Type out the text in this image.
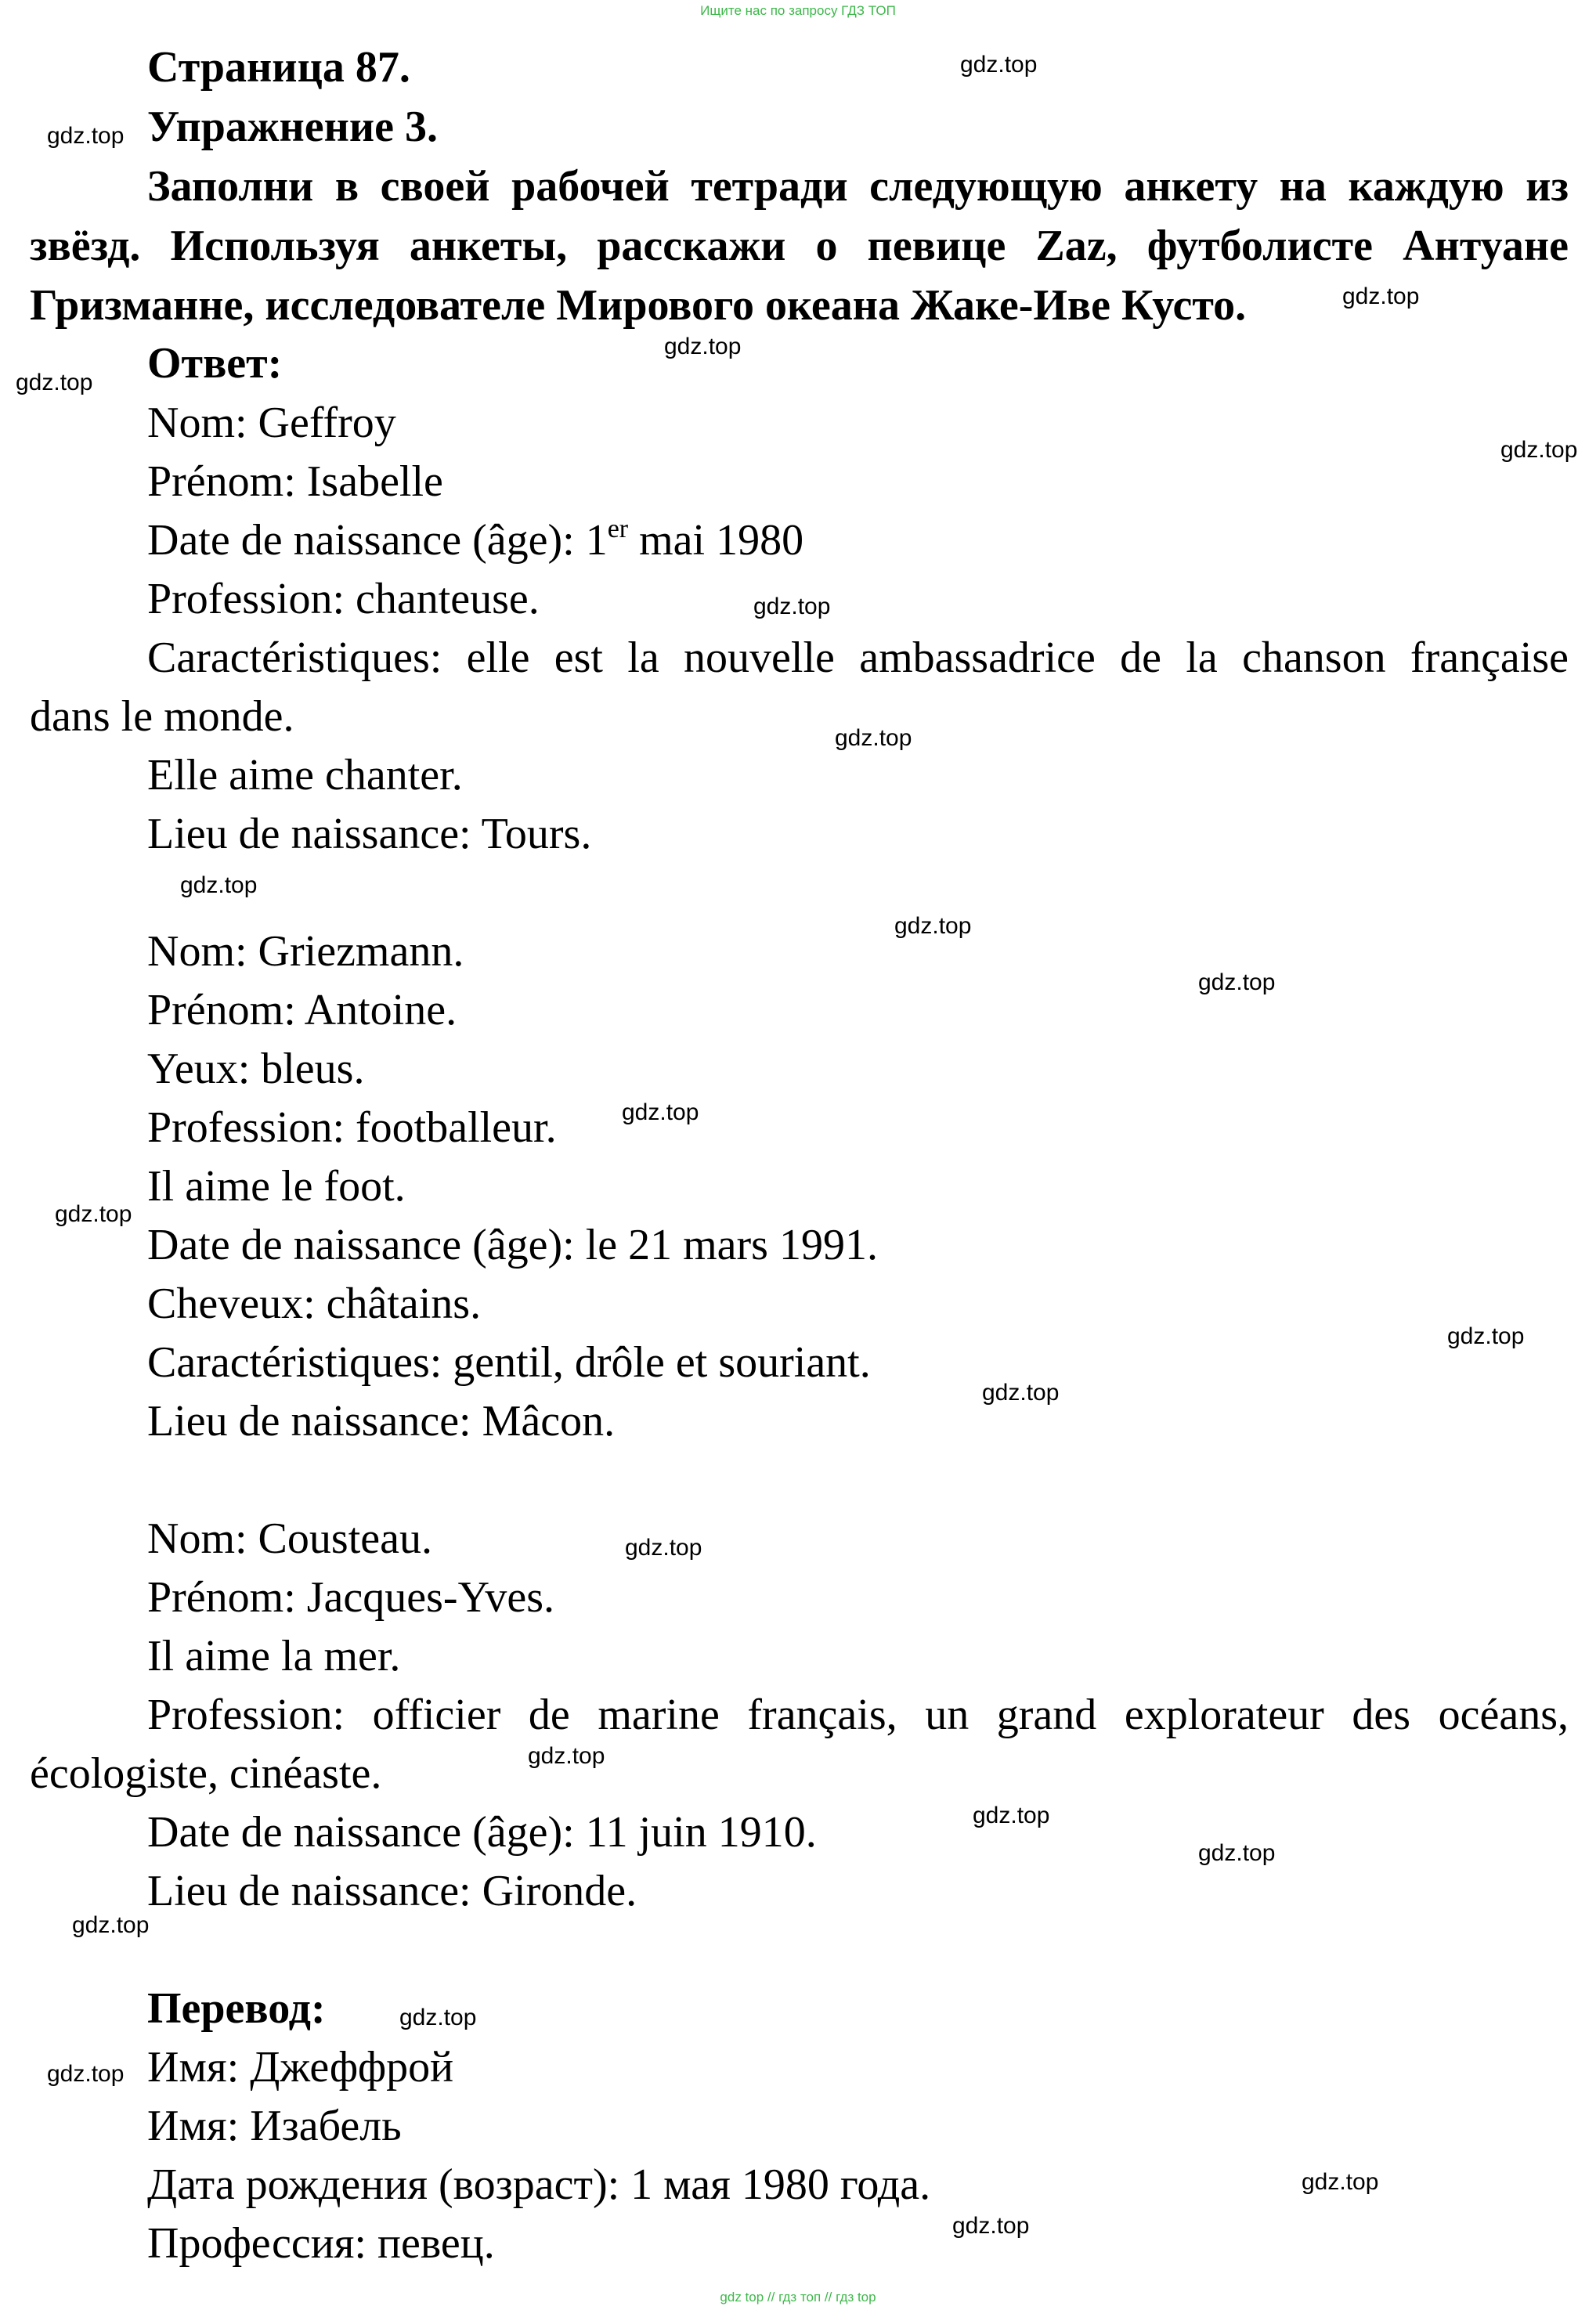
Ищите нас по запросу ГДЗ ТОП
Страница 87.
Упражнение 3.
Заполни в своей рабочей тетради следующую анкету на каждую из
звёзд. Используя анкеты, расскажи о певице Zaz, футболисте Антуане
Гризманне, исследователе Мирового океана Жаке-Иве Кусто.
Ответ:
Nom: Geffroy
Prénom: Isabelle
Date de naissance (âge): 1er mai 1980
Profession: chanteuse.
Caractéristiques: elle est la nouvelle ambassadrice de la chanson française
dans le monde.
Elle aime chanter.
Lieu de naissance: Tours.
Nom: Griezmann.
Prénom: Antoine.
Yeux: bleus.
Profession: footballeur.
Il aime le foot.
Date de naissance (âge): le 21 mars 1991.
Cheveux: châtains.
Caractéristiques: gentil, drôle et souriant.
Lieu de naissance: Mâcon.
Nom: Cousteau.
Prénom: Jacques-Yves.
Il aime la mer.
Profession: officier de marine français, un grand explorateur des océans,
écologiste, cinéaste.
Date de naissance (âge): 11 juin 1910.
Lieu de naissance: Gironde.
Перевод:
Имя: Джеффрой
Имя: Изабель
Дата рождения (возраст): 1 мая 1980 года.
Профессия: певец.
gdz.top
gdz.top
gdz.top
gdz.top
gdz.top
gdz.top
gdz.top
gdz.top
gdz.top
gdz.top
gdz.top
gdz.top
gdz.top
gdz.top
gdz.top
gdz.top
gdz.top
gdz.top
gdz.top
gdz.top
gdz.top
gdz.top
gdz.top
gdz.top
gdz top // гдз топ // гдз top
